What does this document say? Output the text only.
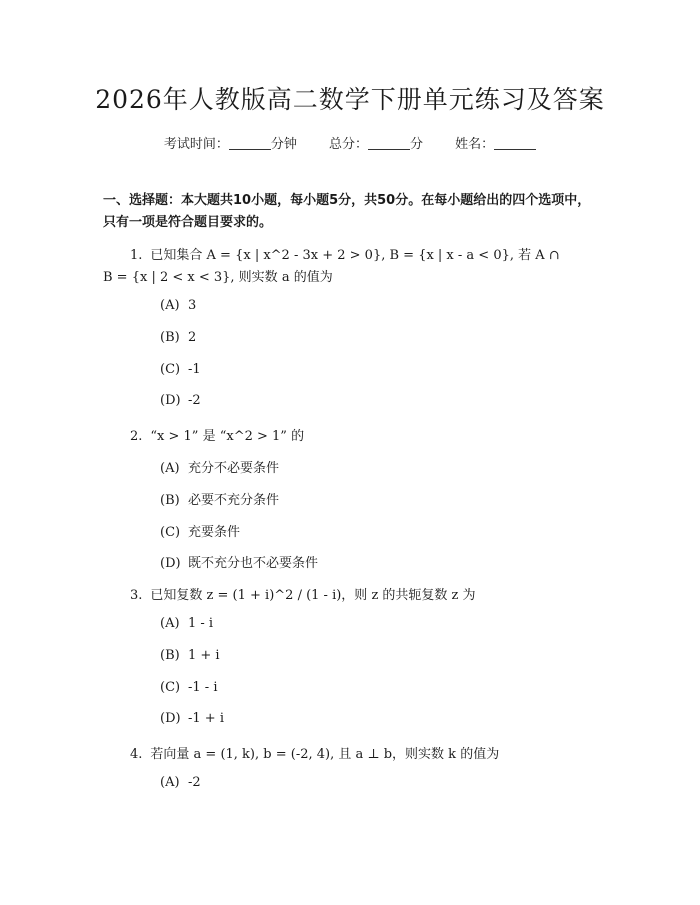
2026年人教版高二数学下册单元练习及答案
考试时间：	分钟 总分：	分 姓名：
一、选择题：本大题共10小题，每小题5分，共50分。在每小题给出的四个选项中，只有一项是符合题目要求的。
1. 已知集合 A = {x | x^2 - 3x + 2 > 0}, B = {x | x - a < 0}, 若 A ∩
B = {x | 2 < x < 3}, 则实数 a 的值为
(A) 3
(B) 2
(C) -1
(D) -2
2. “x > 1” 是 “x^2 > 1” 的
(A) 充分不必要条件
(B) 必要不充分条件
(C) 充要条件
(D) 既不充分也不必要条件
3. 已知复数 z = (1 + i)^2 / (1 - i)，则 z 的共轭复数 z 为
(A) 1 - i
(B) 1 + i
(C) -1 - i
(D) -1 + i
4. 若向量 a = (1, k), b = (-2, 4), 且 a ⊥ b，则实数 k 的值为
(A) -2
